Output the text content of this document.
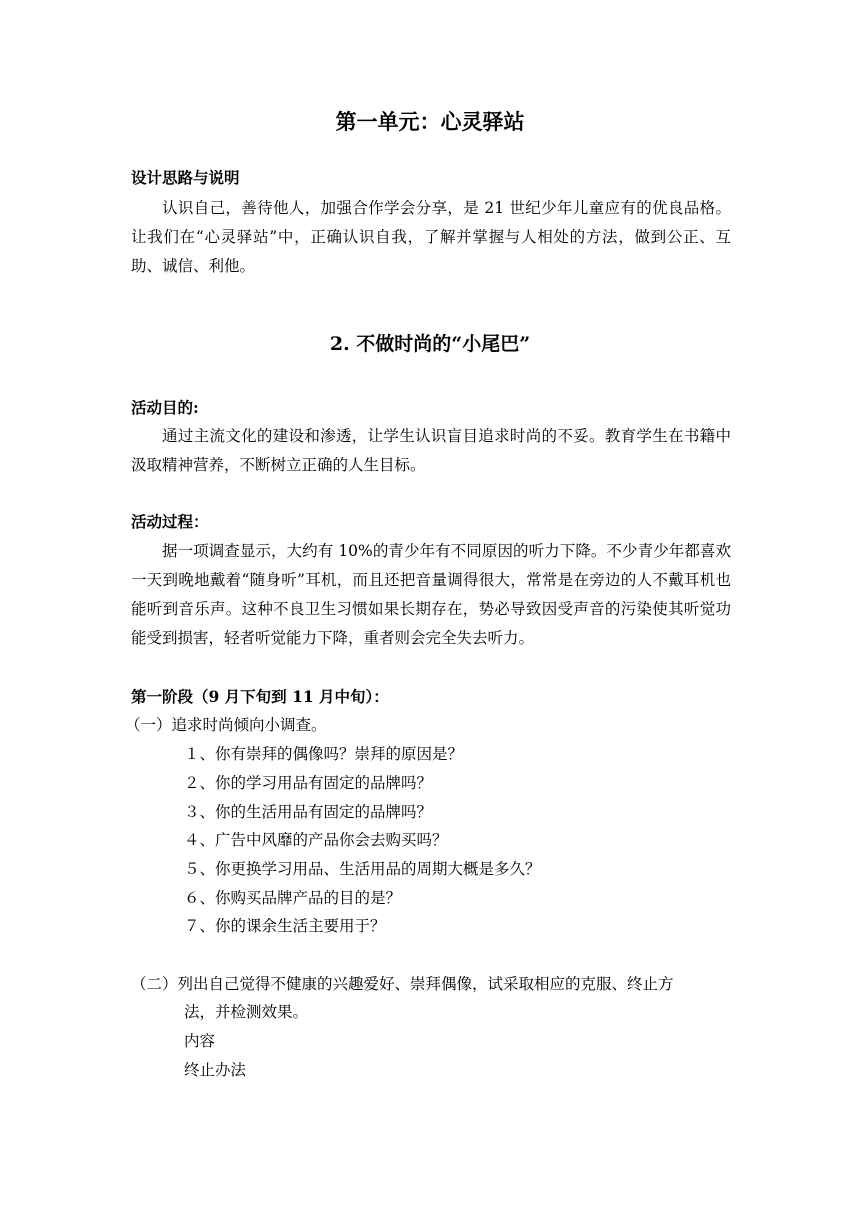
第一单元：心灵驿站
设计思路与说明

认识自己，善待他人，加强合作学会分享，是 21 世纪少年儿童应有的优良品格。让我们在“心灵驿站”中，正确认识自我，了解并掌握与人相处的方法，做到公正、互助、诚信、利他。

2. 不做时尚的“小尾巴”
活动目的:

通过主流文化的建设和渗透，让学生认识盲目追求时尚的不妥。教育学生在书籍中汲取精神营养，不断树立正确的人生目标。

活动过程：

据一项调查显示，大约有 10%的青少年有不同原因的听力下降。不少青少年都喜欢一天到晚地戴着“随身听”耳机，而且还把音量调得很大，常常是在旁边的人不戴耳机也能听到音乐声。这种不良卫生习惯如果长期存在，势必导致因受声音的污染使其听觉功能受到损害，轻者听觉能力下降，重者则会完全失去听力。

第一阶段（9 月下旬到 11 月中旬）：
（一）追求时尚倾向小调查。
１、你有崇拜的偶像吗？崇拜的原因是？
２、你的学习用品有固定的品牌吗？
３、你的生活用品有固定的品牌吗？
４、广告中风靡的产品你会去购买吗？
５、你更换学习用品、生活用品的周期大概是多久？
６、你购买品牌产品的目的是？
７、你的课余生活主要用于？
（二）列出自己觉得不健康的兴趣爱好、崇拜偶像，试采取相应的克服、终止方
法，并检测效果。
内容
终止办法
